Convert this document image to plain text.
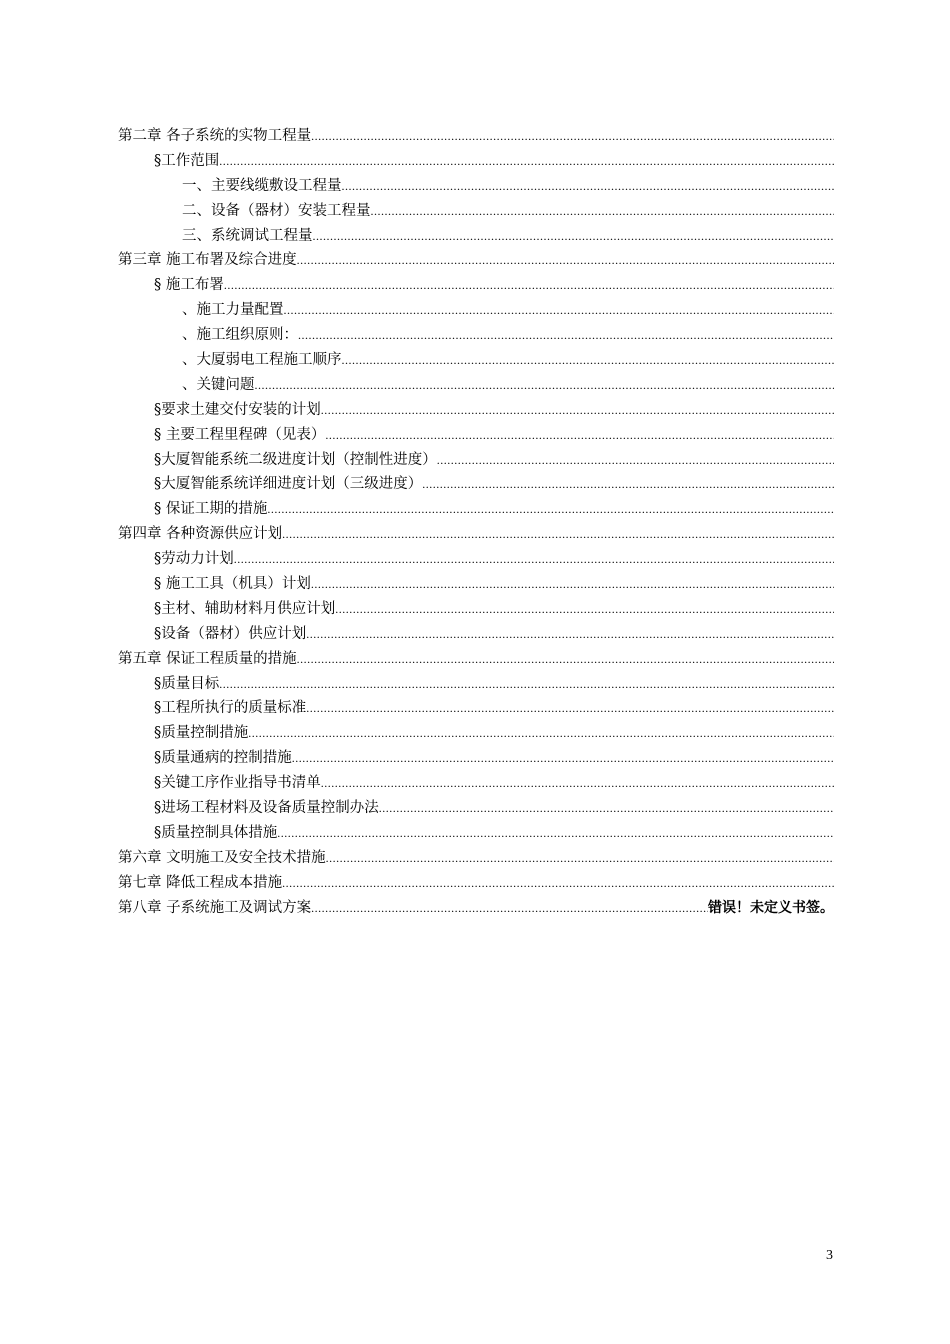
第二章 各子系统的实物工程量
.....
§工作范围
.....
一、主要线缆敷设工程量
.....
二、设备（器材）安装工程量
.....
三、系统调试工程量
.....
第三章 施工布署及综合进度
.....
§ 施工布署
.....
、施工力量配置
.....
、施工组织原则：
.....
、大厦弱电工程施工顺序
.....
、关键问题
.....
§要求土建交付安装的计划
.....
§ 主要工程里程碑（见表）
.....
§大厦智能系统二级进度计划（控制性进度）
.....
§大厦智能系统详细进度计划（三级进度）
.....
§ 保证工期的措施
.....
第四章 各种资源供应计划
.....
§劳动力计划
.....
§ 施工工具（机具）计划
.....
§主材、辅助材料月供应计划
.....
§设备（器材）供应计划
.....
第五章 保证工程质量的措施
.....
§质量目标
.....
§工程所执行的质量标准
.....
§质量控制措施
.....
§质量通病的控制措施
.....
§关键工序作业指导书清单
.....
§进场工程材料及设备质量控制办法
.....
§质量控制具体措施
.....
第六章 文明施工及安全技术措施
.....
第七章 降低工程成本措施
.....
第八章 子系统施工及调试方案
.....	错误！未定义书签。
3
